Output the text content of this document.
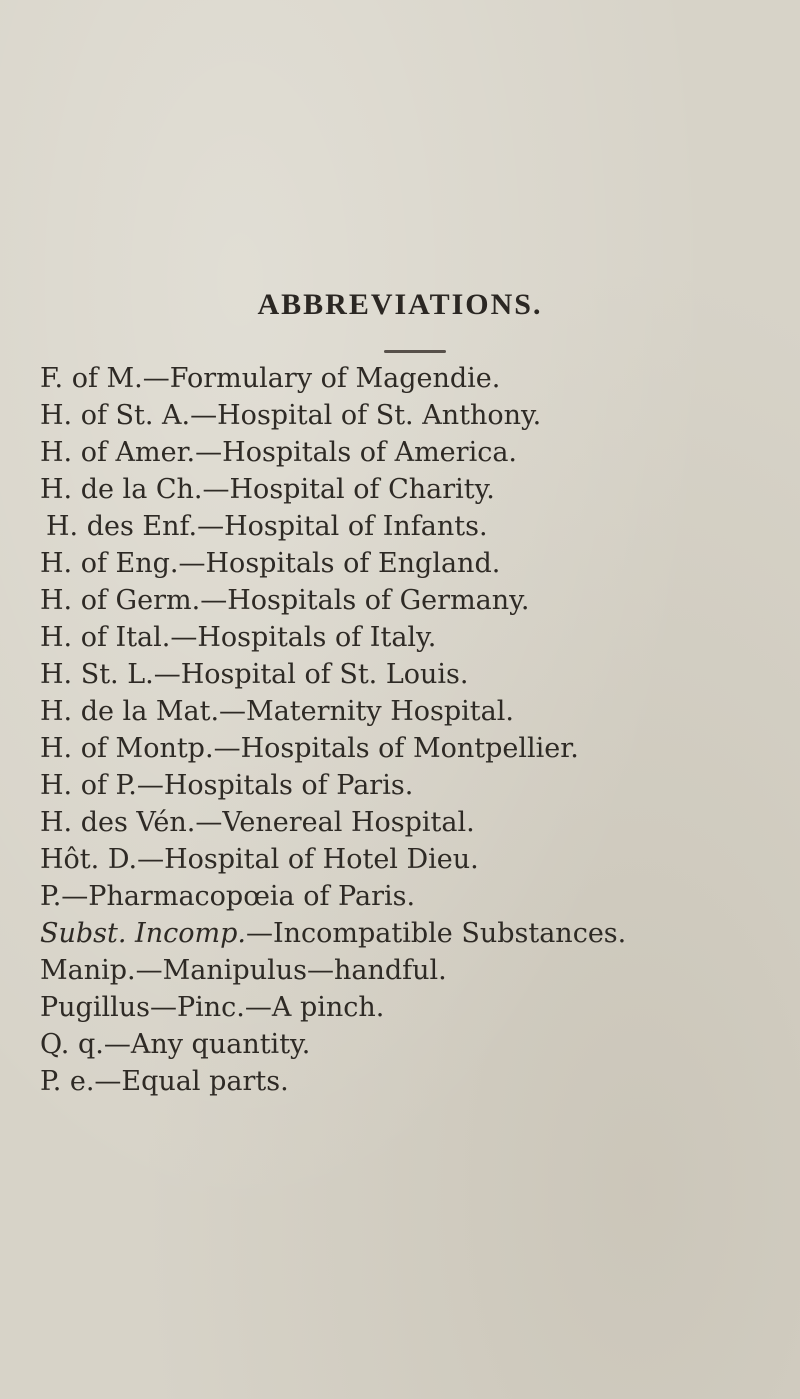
ABBREVIATIONS.
F. of M.—Formulary of Magendie.
H. of St. A.—Hospital of St. Anthony.
H. of Amer.—Hospitals of America.
H. de la Ch.—Hospital of Charity.
H. des Enf.—Hospital of Infants.
H. of Eng.—Hospitals of England.
H. of Germ.—Hospitals of Germany.
H. of Ital.—Hospitals of Italy.
H. St. L.—Hospital of St. Louis.
H. de la Mat.—Maternity Hospital.
H. of Montp.—Hospitals of Montpellier.
H. of P.—Hospitals of Paris.
H. des Vén.—Venereal Hospital.
Hôt. D.—Hospital of Hotel Dieu.
P.—Pharmacopœia of Paris.
Subst. Incomp.—Incompatible Substances.
Manip.—Manipulus—handful.
Pugillus—Pinc.—A pinch.
Q. q.—Any quantity.
P. e.—Equal parts.
